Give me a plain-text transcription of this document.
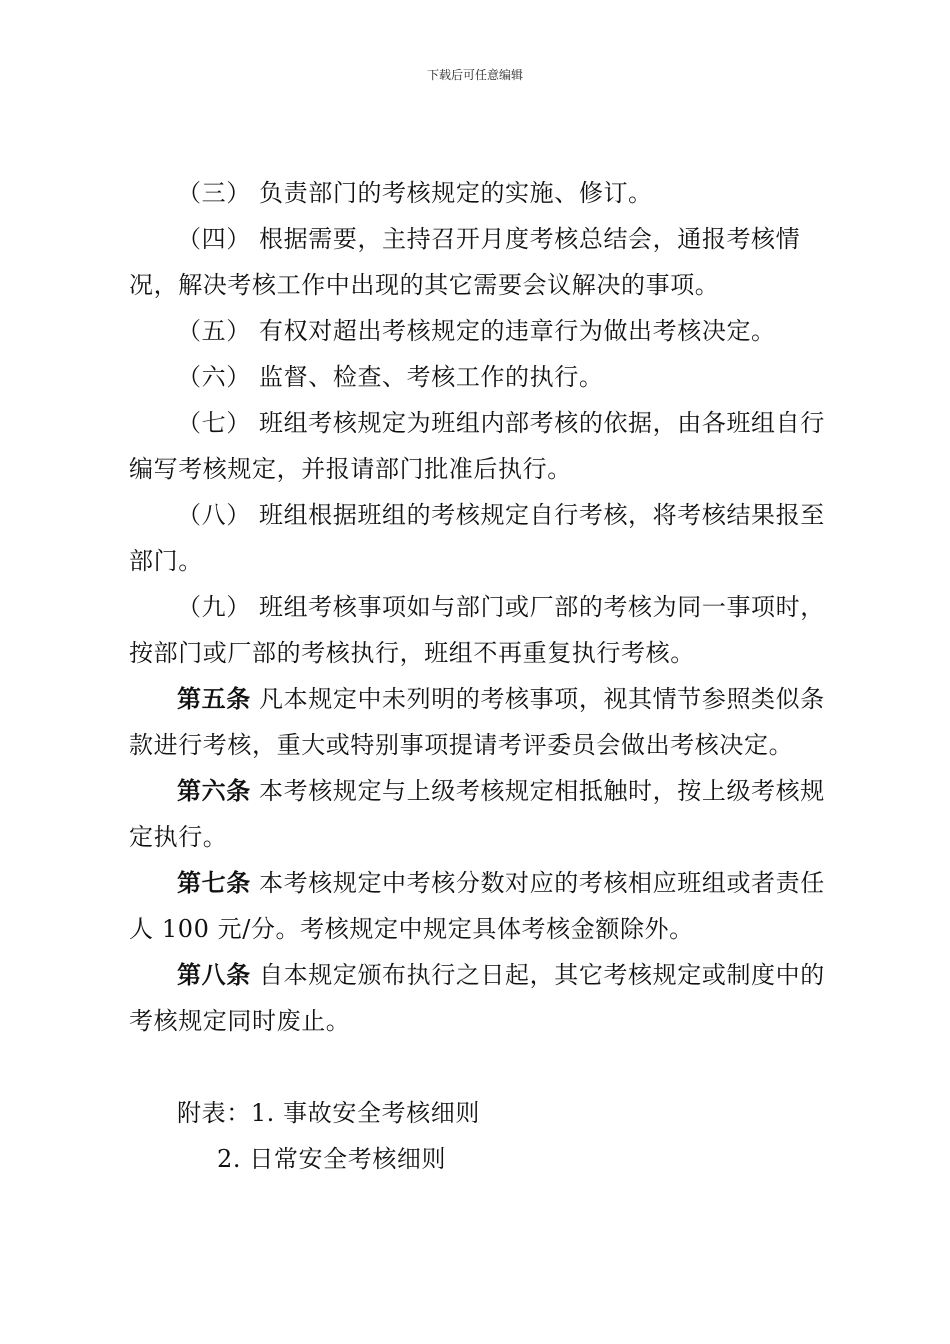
下载后可任意编辑

（三） 负责部门的考核规定的实施、修订。

（四） 根据需要，主持召开月度考核总结会，通报考核情况，解决考核工作中出现的其它需要会议解决的事项。

（五） 有权对超出考核规定的违章行为做出考核决定。

（六） 监督、检查、考核工作的执行。

（七） 班组考核规定为班组内部考核的依据，由各班组自行编写考核规定，并报请部门批准后执行。

（八） 班组根据班组的考核规定自行考核，将考核结果报至部门。

（九） 班组考核事项如与部门或厂部的考核为同一事项时，按部门或厂部的考核执行，班组不再重复执行考核。

第五条 凡本规定中未列明的考核事项，视其情节参照类似条款进行考核，重大或特别事项提请考评委员会做出考核决定。

第六条 本考核规定与上级考核规定相抵触时，按上级考核规定执行。

第七条 本考核规定中考核分数对应的考核相应班组或者责任人 100 元/分。考核规定中规定具体考核金额除外。

第八条 自本规定颁布执行之日起，其它考核规定或制度中的考核规定同时废止。

附表：1. 事故安全考核细则

2. 日常安全考核细则
